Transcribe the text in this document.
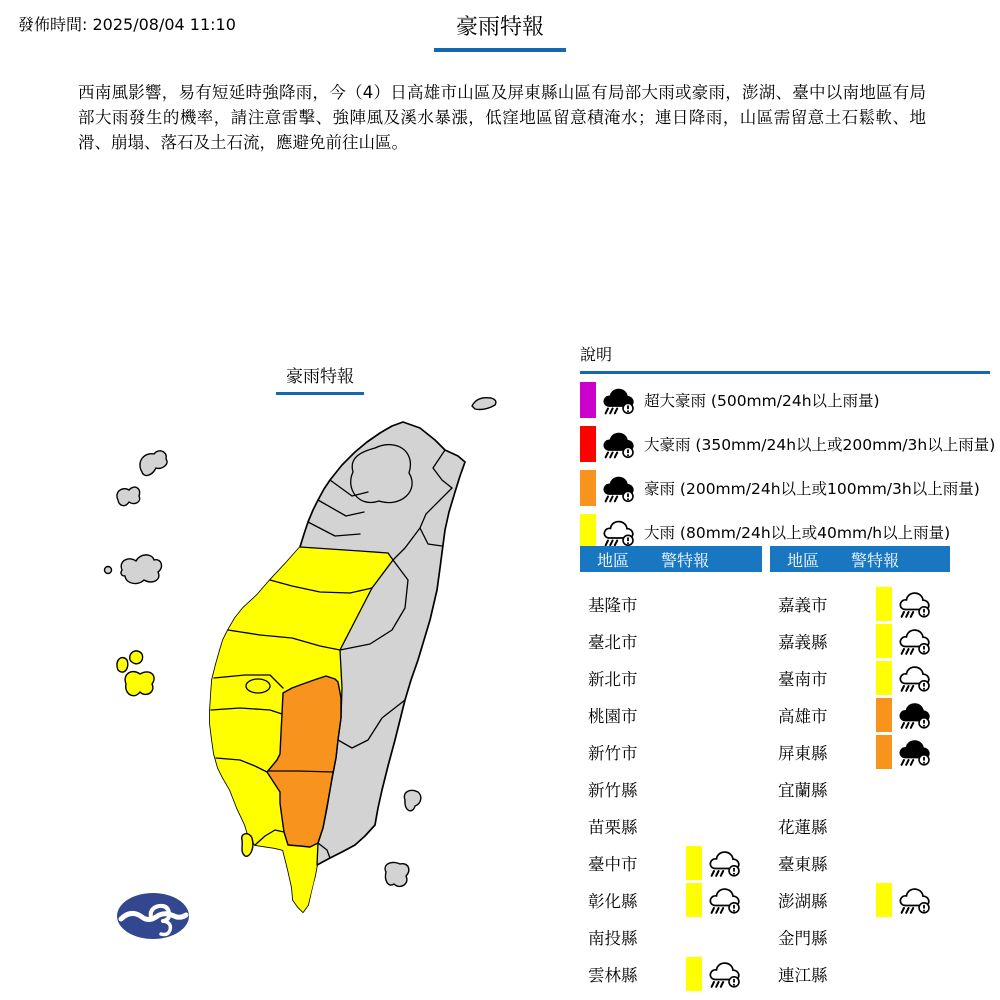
發佈時間: 2025/08/04 11:10	豪雨特報
西南風影響，易有短延時強降雨，今（4）日高雄市山區及屏東縣山區有局部大雨或豪雨，澎湖、臺中以南地區有局部大雨發生的機率，請注意雷擊、強陣風及溪水暴漲，低窪地區留意積淹水；連日降雨，山區需留意土石鬆軟、地滑、崩塌、落石及土石流，應避免前往山區。
豪雨特報
說明
超大豪雨 (500mm/24h以上雨量)
大豪雨 (350mm/24h以上或200mm/3h以上雨量)
豪雨 (200mm/24h以上或100mm/3h以上雨量)
大雨 (80mm/24h以上或40mm/h以上雨量)
地區 警特報
基隆市
臺北市
新北市
桃園市
新竹市
新竹縣
苗栗縣
臺中市
彰化縣
南投縣
雲林縣
地區 警特報
嘉義市
嘉義縣
臺南市
高雄市
屏東縣
宜蘭縣
花蓮縣
臺東縣
澎湖縣
金門縣
連江縣
